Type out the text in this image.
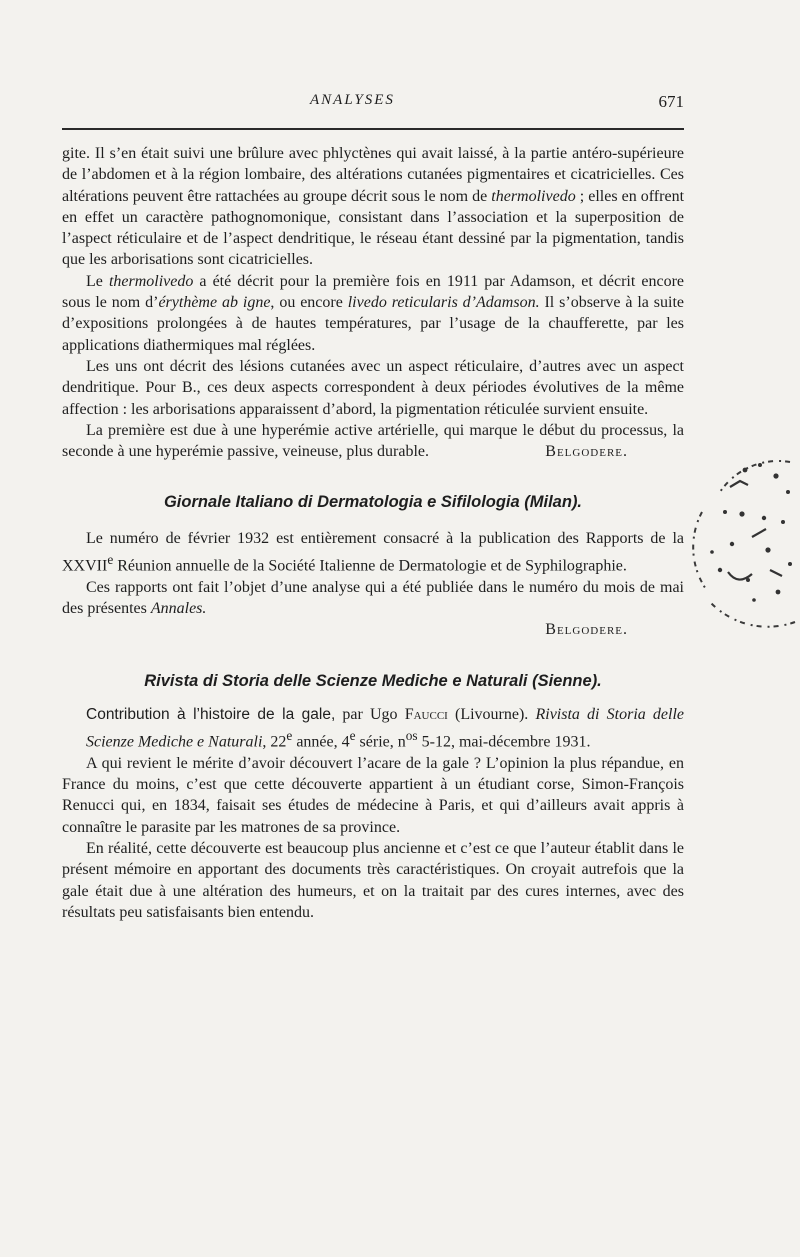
ANALYSES	671

gite. Il s’en était suivi une brûlure avec phlyctènes qui avait laissé, à la partie antéro-supérieure de l’abdomen et à la région lombaire, des altérations cutanées pigmentaires et cicatricielles. Ces altérations peuvent être rattachées au groupe décrit sous le nom de thermolivedo ; elles en offrent en effet un caractère pathognomonique, consistant dans l’association et la superposition de l’aspect réticulaire et de l’aspect dendritique, le réseau étant dessiné par la pigmentation, tandis que les arborisations sont cicatricielles.

Le thermolivedo a été décrit pour la première fois en 1911 par Adamson, et décrit encore sous le nom d’érythème ab igne, ou encore livedo reticularis d’Adamson. Il s’observe à la suite d’expositions prolongées à de hautes températures, par l’usage de la chaufferette, par les applications diathermiques mal réglées.

Les uns ont décrit des lésions cutanées avec un aspect réticulaire, d’autres avec un aspect dendritique. Pour B., ces deux aspects correspondent à deux périodes évolutives de la même affection : les arborisations apparaissent d’abord, la pigmentation réticulée survient ensuite.

La première est due à une hyperémie active artérielle, qui marque le début du processus, la seconde à une hyperémie passive, veineuse, plus durable.	Belgodere.

Giornale Italiano di Dermatologia e Sifilologia (Milan).

Le numéro de février 1932 est entièrement consacré à la publication des Rapports de la XXVIIe Réunion annuelle de la Société Italienne de Dermatologie et de Syphilographie.

Ces rapports ont fait l’objet d’une analyse qui a été publiée dans le numéro du mois de mai des présentes Annales.

Belgodere.

Rivista di Storia delle Scienze Mediche e Naturali (Sienne).

Contribution à l’histoire de la gale, par Ugo Faucci (Livourne). Rivista di Storia delle Scienze Mediche e Naturali, 22e année, 4e série, $n^{os}$ 5-12, mai-décembre 1931.

A qui revient le mérite d’avoir découvert l’acare de la gale ? L’opinion la plus répandue, en France du moins, c’est que cette découverte appartient à un étudiant corse, Simon-François Renucci qui, en 1834, faisait ses études de médecine à Paris, et qui d’ailleurs avait appris à connaître le parasite par les matrones de sa province.

En réalité, cette découverte est beaucoup plus ancienne et c’est ce que l’auteur établit dans le présent mémoire en apportant des documents très caractéristiques. On croyait autrefois que la gale était due à une altération des humeurs, et on la traitait par des cures internes, avec des résultats peu satisfaisants bien entendu.
